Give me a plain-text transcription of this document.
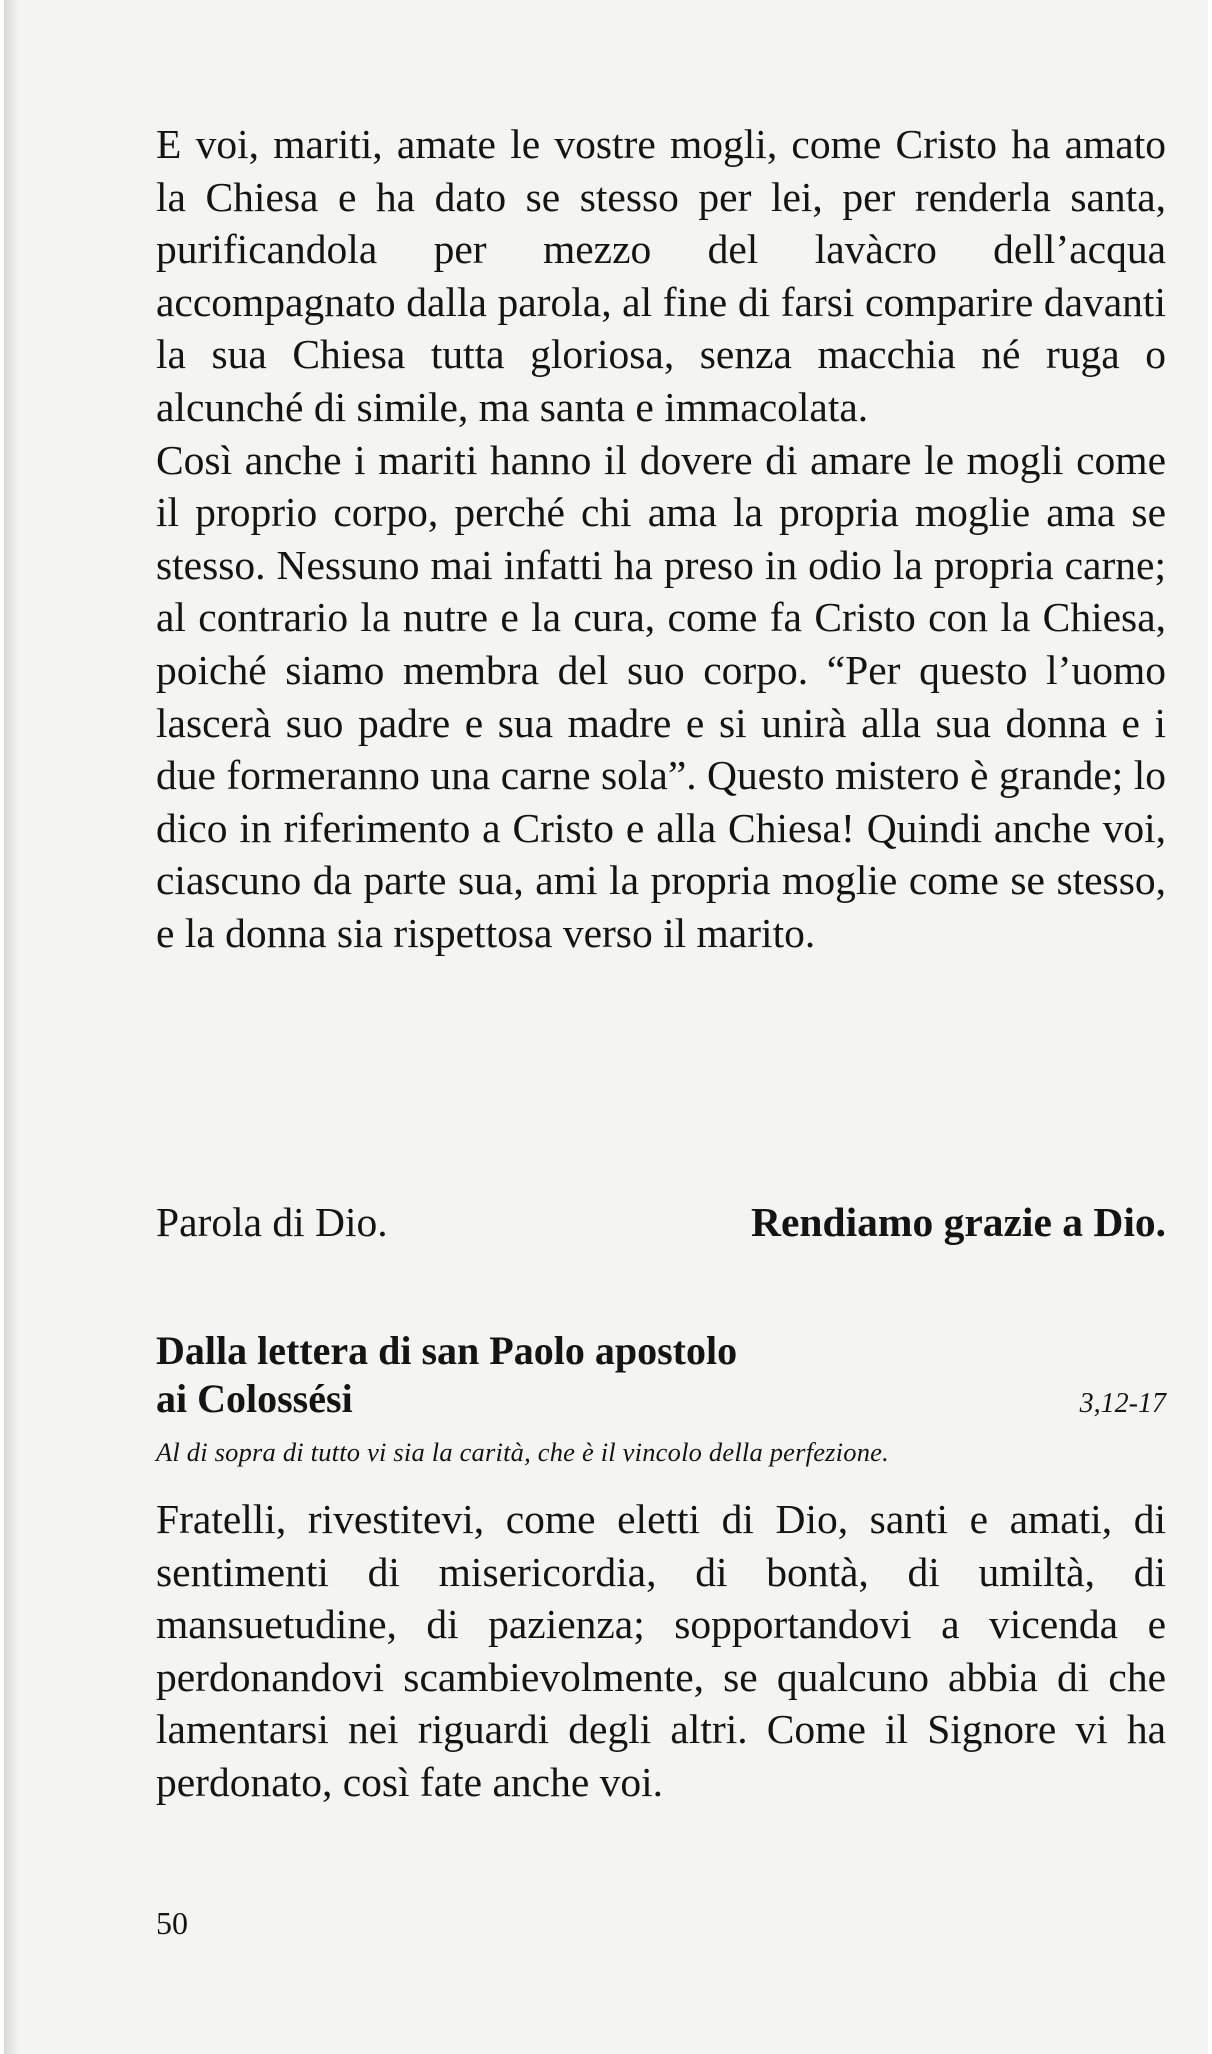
E voi, mariti, amate le vostre mogli, come Cristo ha amato la Chiesa e ha dato se stesso per lei, per renderla santa, purificandola per mezzo del lavàcro dell’acqua accompagnato dalla parola, al fine di farsi comparire davanti la sua Chiesa tutta gloriosa, senza macchia né ruga o alcunché di simile, ma santa e immacolata.

Così anche i mariti hanno il dovere di amare le mogli come il proprio corpo, perché chi ama la propria moglie ama se stesso. Nessuno mai infatti ha preso in odio la propria carne; al contrario la nutre e la cura, come fa Cristo con la Chiesa, poiché siamo membra del suo corpo. “Per questo l’uomo lascerà suo padre e sua madre e si unirà alla sua donna e i due formeranno una carne sola”. Questo mistero è grande; lo dico in riferimento a Cristo e alla Chiesa! Quindi anche voi, ciascuno da parte sua, ami la propria moglie come se stesso, e la donna sia rispettosa verso il marito.

Parola di Dio.	Rendiamo grazie a Dio.

Dalla lettera di san Paolo apostolo

ai Colossési	3,12-17

Al di sopra di tutto vi sia la carità, che è il vincolo della perfezione.

Fratelli, rivestitevi, come eletti di Dio, santi e amati, di sentimenti di misericordia, di bontà, di umiltà, di mansuetudine, di pazienza; sopportandovi a vicenda e perdonandovi scambievolmente, se qualcuno abbia di che lamentarsi nei riguardi degli altri. Come il Signore vi ha perdonato, così fate anche voi.

50
